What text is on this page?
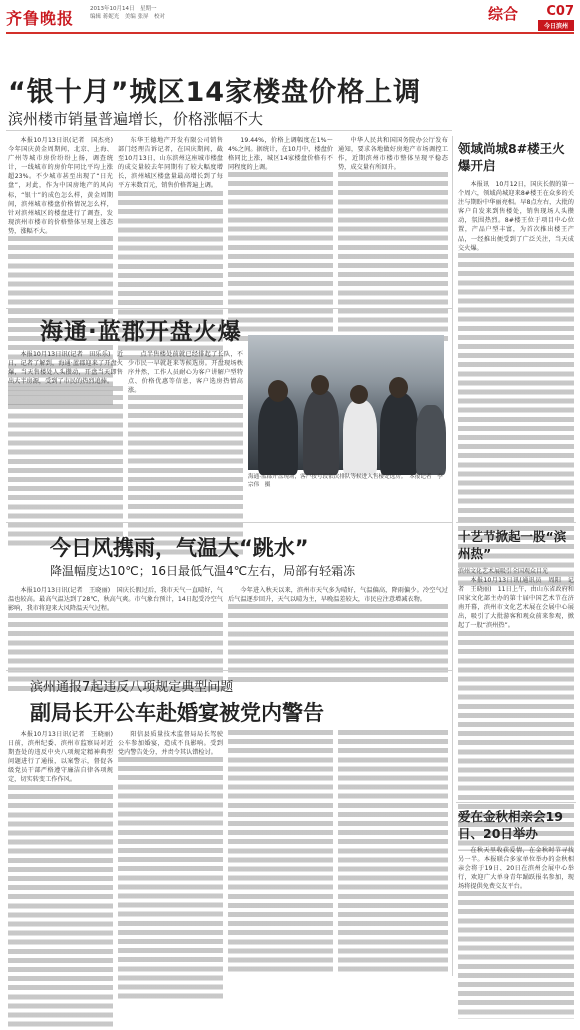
齐鲁晚报	2013年10月14日　星期一
编辑 蒋妮光　美编 张屏　校对	综合 C07
今日滨州
“银十月”城区14家楼盘价格上调
滨州楼市销量普遍增长，价格涨幅不大

本报10月13日讯(记者　国杰亮) 今年国庆黄金周期间，北京、上海、广州等城市房价纷纷上扬，调查统计，一线城市的房价年同比平均上涨超23%。不少城市甚至出现了“日光盘”，对此，作为中国房地产的风向标，“银十”的成色怎么样，黄金周期间，滨州城市楼盘价格情况怎么样，针对滨州城区的楼盘进行了调查，发现滨州市楼市的价格整体呈现上涨态势，涨幅不大。

东华王德地产开发有限公司销售部门经理告诉记者，在国庆期间，截至10月13日，山东滨州这座城市楼盘的成交量较去年同期有了较大幅度增长，滨州城区楼盘量最高增长到了每平方米数百元，销售价格普遍上调。

19.44%，价格上调幅度在1%～4%之间。据统计，在10月中，楼盘价格同比上涨，城区14家楼盘价格有不同程度的上调。

中华人民共和国国务院办公厅发布通知，要求各地做好房地产市场调控工作，近期滨州市楼市整体呈现平稳态势，成交量有所回升。

领域尚城8#楼王火爆开启

本报讯　10月12日，国庆长假的第一个周六，领域尚城迎来8#楼王在众多的关注与期盼中华丽亮相。早8点左右，大批的客户自发来到售楼处，销售现场人头攒动，氛围热烈。8#楼王位于项目中心位置，产品户型丰富，为首次推出楼王产品，一经推出便受到了广泛关注，当天成交火爆。

海通·蓝郡开盘火爆

本报10月13日讯(记者　田乐乐)　近日，记者了解到，海通·蓝郡迎来了开盘火爆，当天售楼处人头攒动，开盘当天即售出大半房源，受到了市民的热烈追捧。

点半售楼处前就已经排起了长队，不少市民一早就赶来等候选房。开盘现场秩序井然，工作人员耐心为客户讲解户型特点、价格优惠等信息，客户选房热情高涨。

海通·蓝郡开盘现场，客户按号段依次排队等候进入售楼处选房。　本报记者　李宗伟　摄
今日风携雨，气温大“跳水”
降温幅度达10℃；16日最低气温4℃左右，局部有轻霜冻

本报10月13日讯(记者　王晓丽)　国庆长假过后，我市天气一直晴好，气温也较高。最高气温达到了28℃，秋高气爽。市气象台预计，14日起受冷空气影响，我市将迎来大风降温天气过程。

今年进入秋天以来，滨州市天气多为晴好，气温偏高，降雨偏少。冷空气过后气温逐步回升，天气以晴为主，早晚温差较大，市民应注意增减衣物。

十艺节掀起一股“滨州热”
滨州文化艺术展吸引全国观众目光

本报10月13日讯(通讯员　周阳　记者　王晓丽)　11日上午，由山东省政府和国家文化部主办的第十届中国艺术节在济南开幕，滨州市文化艺术展在会展中心展出，吸引了大批游客和观众前来参观，掀起了一股“滨州热”。

滨州通报7起违反八项规定典型问题
副局长开公车赴婚宴被党内警告

本报10月13日讯(记者　王晓丽)　日前，滨州纪委、滨州市监察局对近期查处的违反中央八项规定精神典型问题进行了通报，以案警示，督促各级党员干部严格遵守廉洁自律各项规定，切实转变工作作风。

阳信县质量技术监督局局长驾驶公车参加婚宴，造成不良影响。受到党内警告处分，并责令其认错检讨。

爱在金秋相亲会19日、20日举办

在秋天里收获爱情，在金秋时节寻找另一半。本报联合多家单位举办的金秋相亲会将于19日、20日在滨州会展中心举行，欢迎广大单身青年踊跃报名参加，现场将提供免费交友平台。
